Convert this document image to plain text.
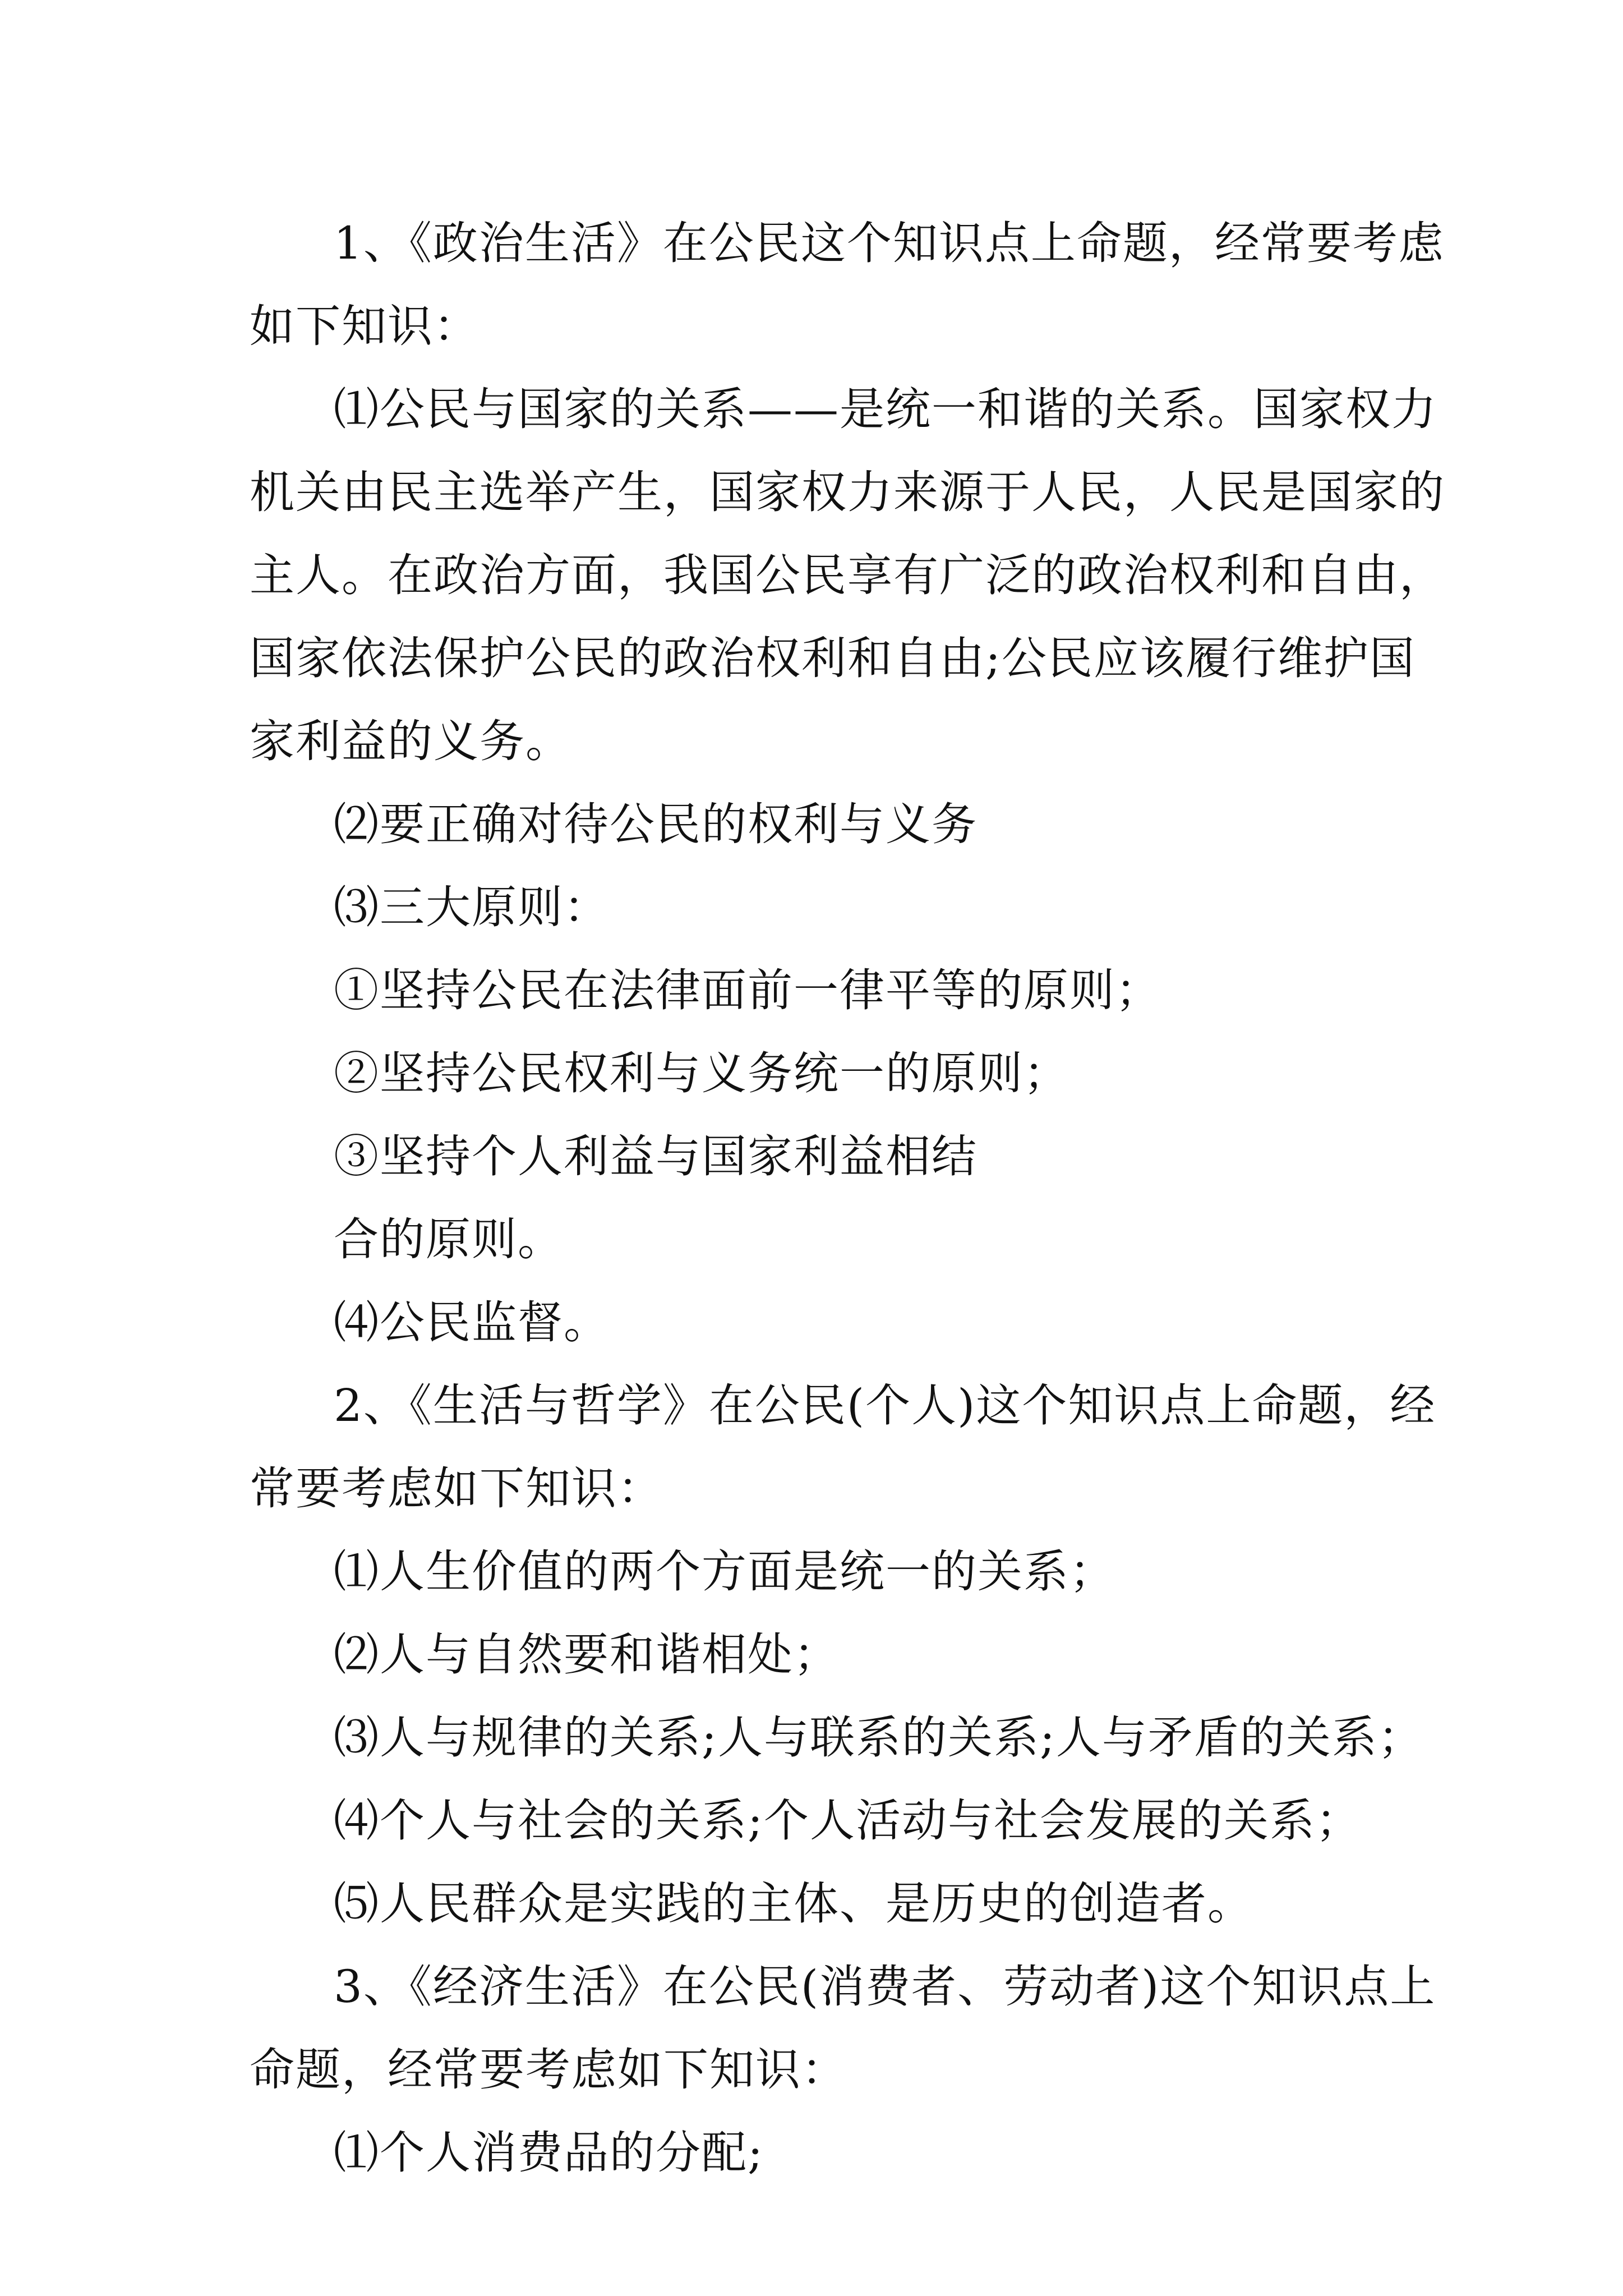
1、《政治生活》在公民这个知识点上命题，经常要考虑
如下知识：
⑴公民与国家的关系——是统一和谐的关系。国家权力
机关由民主选举产生，国家权力来源于人民，人民是国家的
主人。在政治方面，我国公民享有广泛的政治权利和自由，
国家依法保护公民的政治权利和自由;公民应该履行维护国
家利益的义务。
⑵要正确对待公民的权利与义务
⑶三大原则：
①坚持公民在法律面前一律平等的原则；
②坚持公民权利与义务统一的原则；
③坚持个人利益与国家利益相结
合的原则。
⑷公民监督。
2、《生活与哲学》在公民(个人)这个知识点上命题，经
常要考虑如下知识：
⑴人生价值的两个方面是统一的关系；
⑵人与自然要和谐相处；
⑶人与规律的关系;人与联系的关系;人与矛盾的关系；
⑷个人与社会的关系;个人活动与社会发展的关系；
⑸人民群众是实践的主体、是历史的创造者。
3、《经济生活》在公民(消费者、劳动者)这个知识点上
命题，经常要考虑如下知识：
⑴个人消费品的分配;
